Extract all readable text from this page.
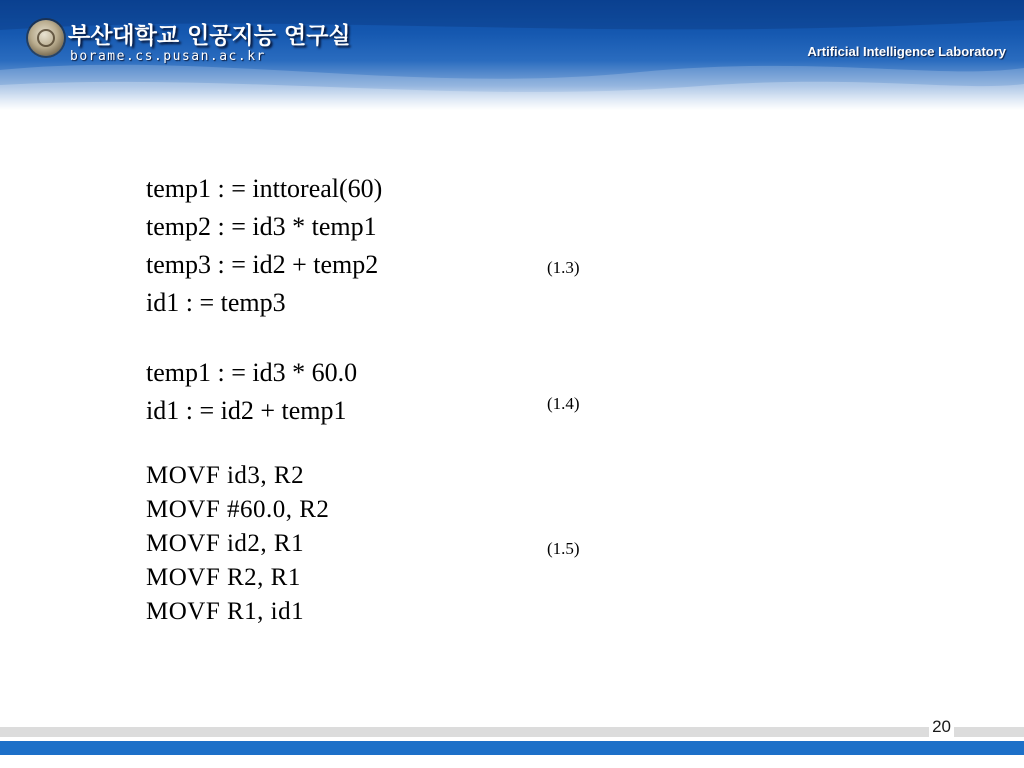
부산대학교 인공지능 연구실
borame.cs.pusan.ac.kr	Artificial Intelligence Laboratory
temp1 : = inttoreal(60)
temp2 : = id3 * temp1
temp3 : = id2 + temp2
id1 : = temp3
(1.3)
temp1 : = id3 * 60.0
id1 : = id2 + temp1	(1.4)
MOVF id3, R2
MOVF #60.0, R2
MOVF id2, R1
MOVF R2, R1
MOVF R1, id1
(1.5)
20
